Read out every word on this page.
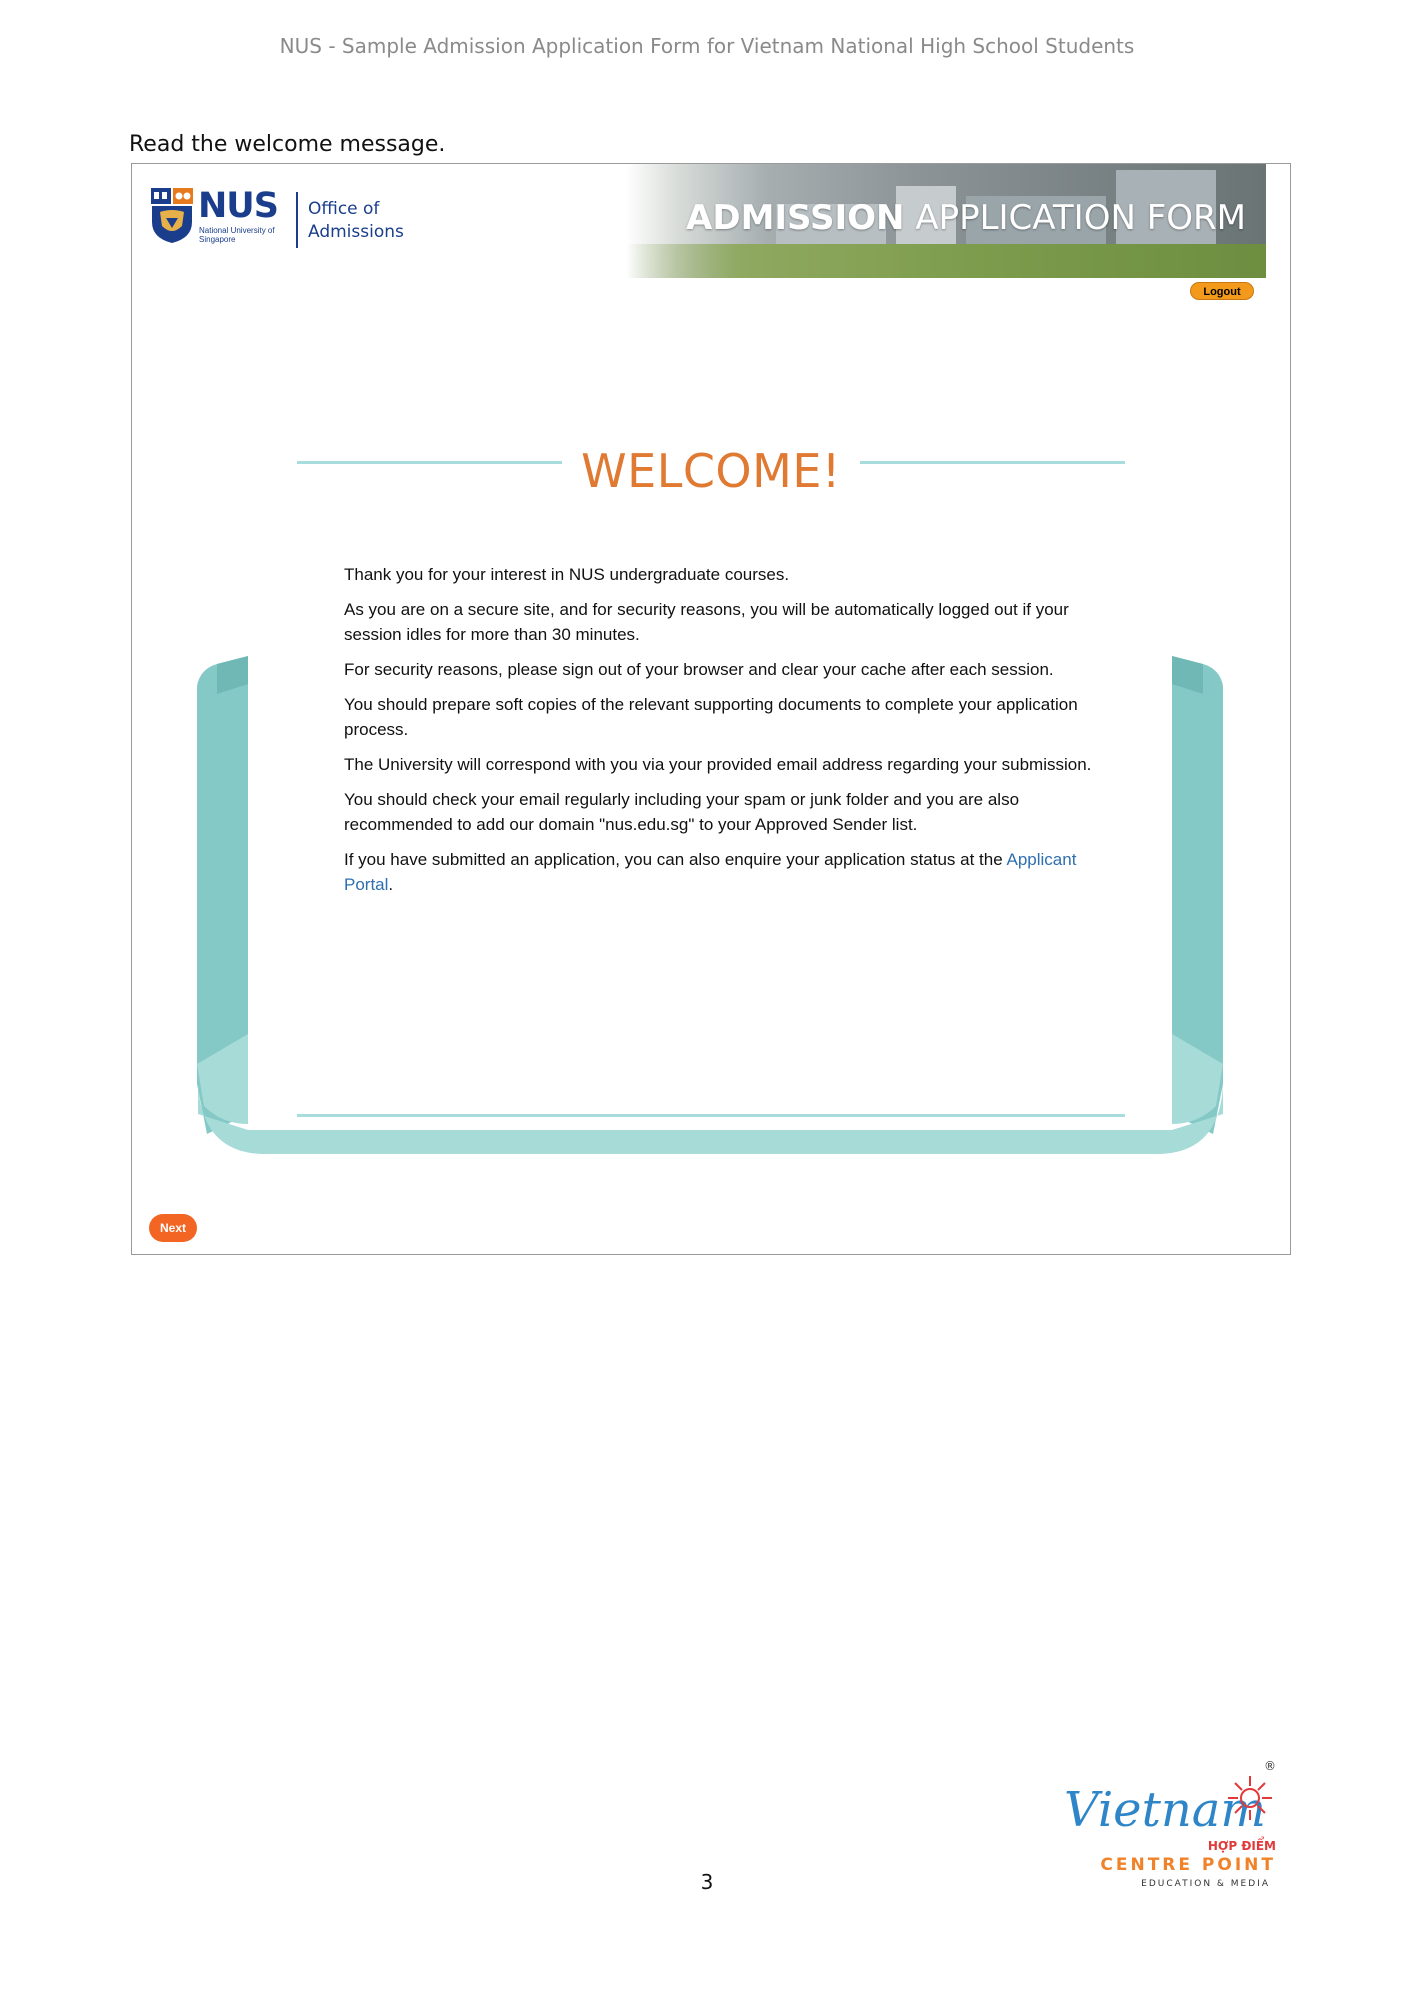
NUS - Sample Admission Application Form for Vietnam National High School Students
Read the welcome message.
NUS
National University of Singapore
Office of
Admissions	ADMISSION APPLICATION FORM
Logout
WELCOME!

Thank you for your interest in NUS undergraduate courses.

As you are on a secure site, and for security reasons, you will be automatically logged out if your session idles for more than 30 minutes.

For security reasons, please sign out of your browser and clear your cache after each session.

You should prepare soft copies of the relevant supporting documents to complete your application process.

The University will correspond with you via your provided email address regarding your submission.

You should check your email regularly including your spam or junk folder and you are also recommended to add our domain "nus.edu.sg" to your Approved Sender list.

If you have submitted an application, you can also enquire your application status at the Applicant Portal.

Next
3
Vietnam
®
HỢP ĐIỂM
CENTRE POINT
EDUCATION & MEDIA
